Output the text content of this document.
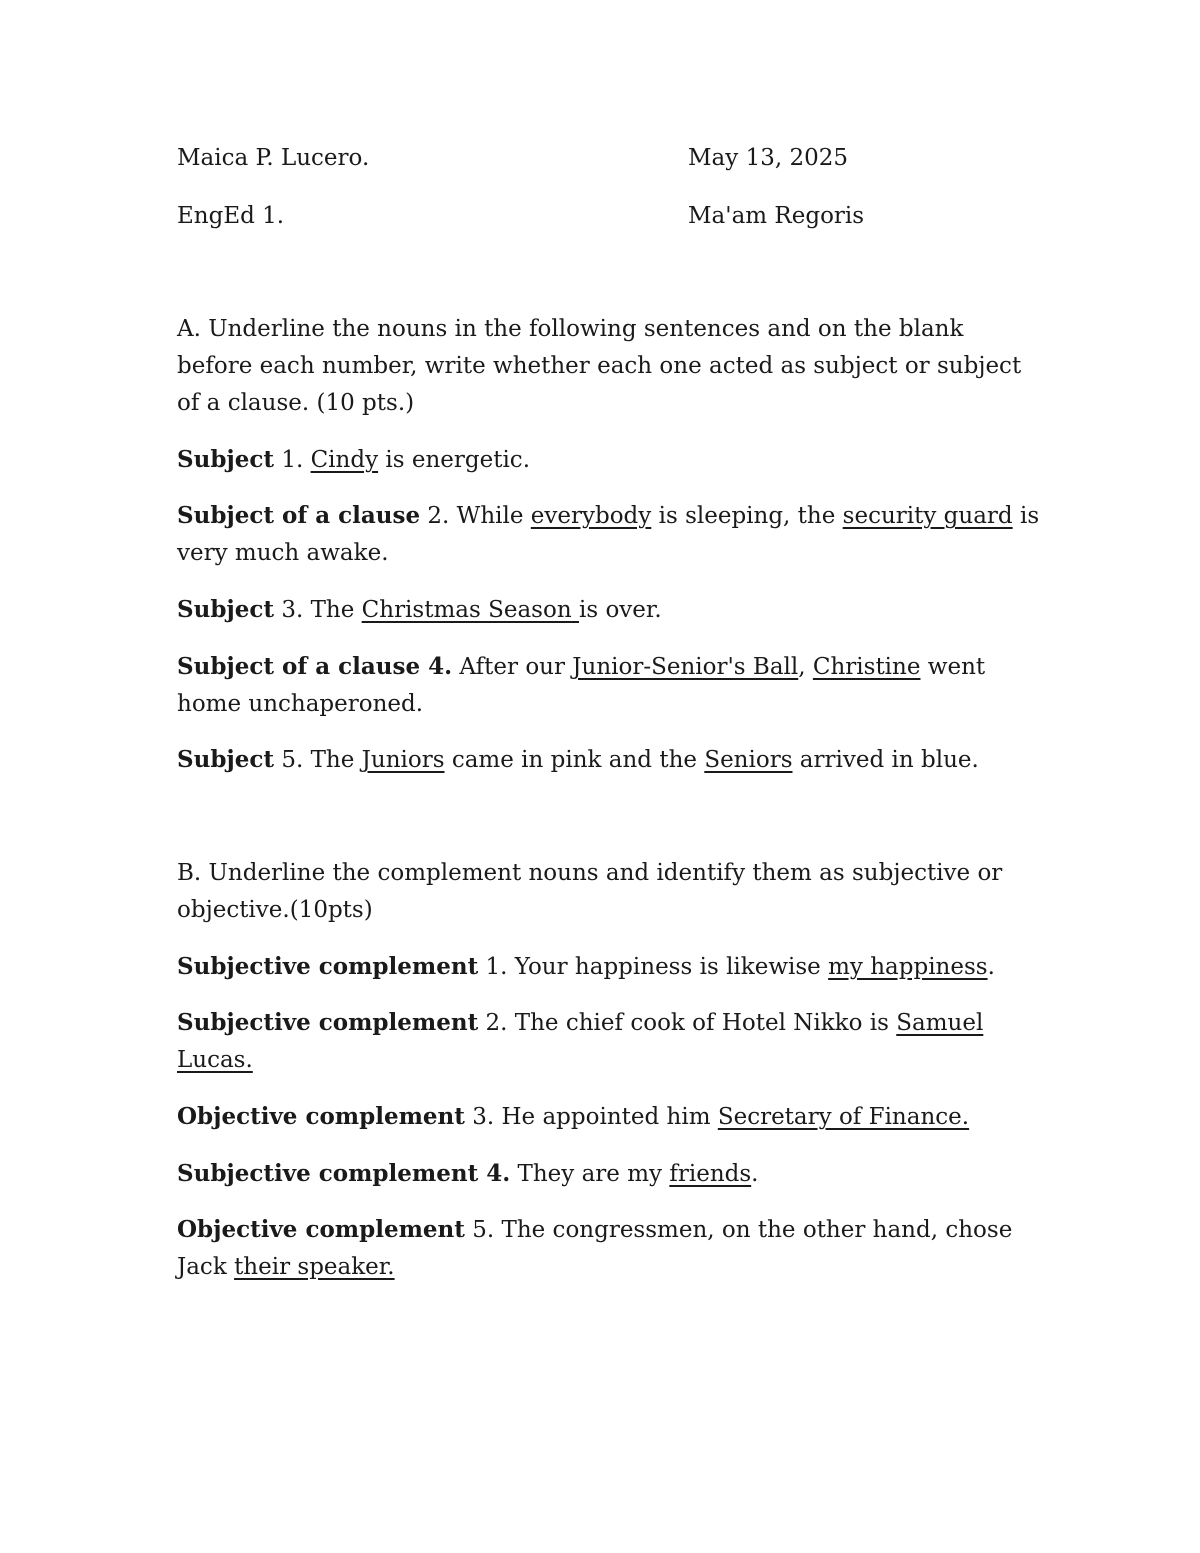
Maica P. Lucero.	May 13, 2025
EngEd 1.	Ma'am Regoris
A. Underline the nouns in the following sentences and on the blank
before each number, write whether each one acted as subject or subject
of a clause. (10 pts.)
Subject 1. Cindy is energetic.
Subject of a clause 2. While everybody is sleeping, the security guard is
very much awake.
Subject 3. The Christmas Season is over.
Subject of a clause 4. After our Junior-Senior's Ball, Christine went
home unchaperoned.
Subject 5. The Juniors came in pink and the Seniors arrived in blue.
B. Underline the complement nouns and identify them as subjective or
objective.(10pts)
Subjective complement 1. Your happiness is likewise my happiness.
Subjective complement 2. The chief cook of Hotel Nikko is Samuel
Lucas.
Objective complement 3. He appointed him Secretary of Finance.
Subjective complement 4. They are my friends.
Objective complement 5. The congressmen, on the other hand, chose
Jack their speaker.
